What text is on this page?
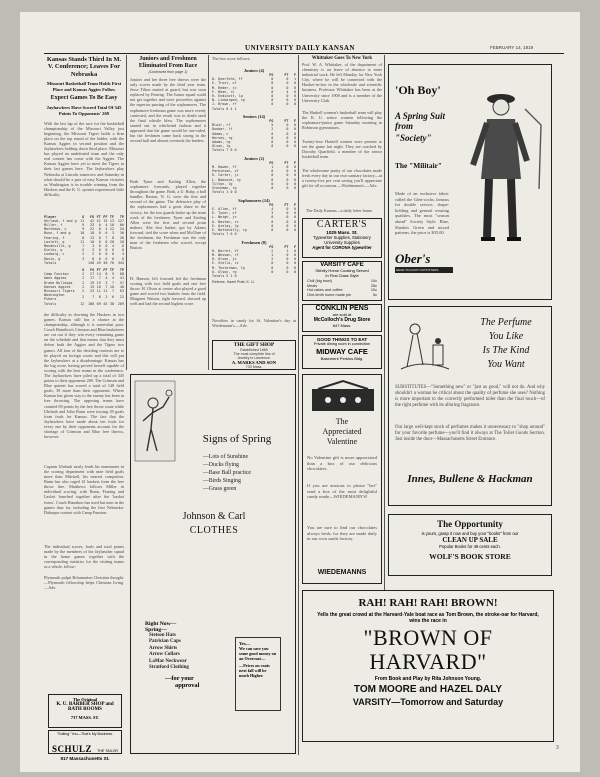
UNIVERSITY DAILY KANSAN	FEBRUARY 14, 1919
Kansas Stands Third In M. V. Conference; Leaves For Nebraska
Missouri Basketball Team Holds First Place and Kansas Aggies Follow
Expect Games To Be Easy
Jayhawkers Have Scored Total Of 345 Points To Opponents' 269
With the last lap of the race for the basketball championship of the Missouri Valley just beginning, the Missouri Tigers holds a firm place on the top round of the ladder, with the Kansas Aggies in second position and the Jayhawkers holding down third place. Missouri has played an undefeated team and the only real contest has come with the Aggies. The Kansas Aggies have yet to meet the Tigers in their last games here. The Jayhawkers play Nebraska at Lincoln tomorrow and Saturday in what should be a pair of easy Kansas victories as Washington is in trouble winning from the Huskers and the K. U. quintet experienced little difficulty.
Player	G	FG	FT	FF	TF	TP
Uhrlaub, f and g	11	42	41	15	13	127
Miller, f	9	33	0	4	10	66
Matthews, c	9	22	8	4	12	54
Bunn, f and g	10	18	0	0	3	36
Fearing, f	8	13	0	7	8	26
Laslett, g	11	10	0	0	20	20
Mandeville, g	7	3	0	0	4	6
Kinley, g	5	3	0	0	0	6
Lonborg, c	2	2	0	0	0	4
Davis, g	3	0	0	0	0	0
Totals		148	49	30	76	345
	G	FG	FT	FF	TF	TP
Camp Funston	2	27	14	8	9	68
Ames Aggies	2	17	7	4	4	41
Drake Bulldogs	2	19	19	3	7	57
Kansas Aggies	2	15	10	7	10	40
Missouri Tigers	2	23	11	11	7	63
Washington Pikers	2	7	8	2	6	22
Totals	12	108	69	45	38	269
the difficulty in downing the Huskers in two games. Kansas still has a chance at the championship, although it is somewhat poor. Coach Hamilton's Crimson and Blue basketeers are cut out if they win every remaining game on the schedule and that means that they must defeat both the Aggies and the Tigers two games. All four of the deciding contests are to be played on foreign courts and this will put the Jayhawkers at a disadvantage. Kansas has the big score, having proved herself capable of scoring with the best teams in the conference. The Jayhawkers have piled up a total of 345 points to their opponents 269. The Crimson and Blue quintet has scored a total of 148 field goals, 39 more than their opponents. Where Kansas has given way to the enemy has been in free throwing. The opposing teams have counted 69 points by the free throw route while Uhrlaub and John Bunn were tossing 49 goals from fouls for Kansas. The fact that the Jayhawkers have made about ten fouls for every one by their opponents account for the shortage of Crimson and Blue free throws, however.
Captain Uhrlaub easily leads his teammates in the scoring department with nine field goals more than Mitchell, his nearest competitor. Bunn has also caged 41 baskets from the free throw line. Matthews follows Miller in individual scoring, with Bunn, Fearing and Laslett bunched together after the 'basket twins'. Coach Hamilton has used but men in the games thus far, including the first Nebraska-Dubuque contest with Camp Funston.
The individual scores, fouls and total points made by the members of the Jayhawker squad in the home games together with the corresponding statistics for the visiting teams as a whole, follow:
Plymouth pulpit Brhumation Christian thought.—Plymouth fellowship helps Christian living.—Adv.
The Original
K. U. BARBER SHOP and
BATH ROOMS
737 MASS. ST.
"Suiting" You—That's My Business.
SCHULZ THE TAILOR
917 Massachusetts St.
Juniors and Freshmen Eliminated From Race
(Continued from page 1)
Juniors and her three free throws were the only scores made by the third year team. Jesse Tilton started at guard, but was soon replaced by Fearing. The Junior squad could not get together and were powerless against the superior passing of the sophomores. The sophomore-freshman game was more evenly contested, and the result was in doubt until the final whistle blew. The sophomores started out in whirlwind fashion and it appeared that the game would be one-sided, but the freshmen came back strong in the second half and almost overtook the leaders.
Both Tyner and Easling Allen, the sophomore forwards, played together throughout the game. Both, a U. Ruby, a ball handler, Baston, N. G. were the first and second of the game. The defensive play of the sophomores had a great share in the victory, for the two guards broke up the team work of the freshmen. Tyner and Easling Allen were the first and second point makers. Abe first basket, got by Adams forward, tied the score when and McGhee of the freshman, the Freshman was the only man of the freshmen who scored, except Baston.
H. Hansen, left forward led the freshman scoring with two field goals and one free throw. H. Olson at center also played a good game and scored two baskets from the field. Margaret Watson, right forward, showed up well and had the second highest score.
The box score follows:
Juniors (4)
	FG	FT	F
D. Querfeld, ff	0	0	1
E. Trust, cf	0	0	0
M. Reder, jc	0	0	0
F. Bean, rc	0	4	0
R. Endicott, lg	0	0	0
N. Linbarged, rg	0	0	0
J. Brown, rf	0	0	0
Totals 0 4 1
Seniors (14)
	FG	FT	F
Blair, rf	5	0	0
Dunbar, lf	2	0	0
Adams, c	0	0	0
Hersey, rg	0	0	0
Adams, rg	0	0	0
Olson, lg	0	0	0
Totals 7 0 0
Juniors (2)
	FG	FT	F
M. Rowen, ff	1	0	0
Parkinson, cf	0	0	0
R. Carter, jc	0	0	0
L. Babcock, rg	0	0	0
Tilton, lg	0	0	0
Stockman, rg	0	0	0
Totals 1 0 0
Sophomores (14)
	FG	FT	F
E. Allen, ff	4	0	0
E. Tyner, cf	3	0	0
L. Neigh, jc	0	0	0
A. Baston, rc	0	0	0
E. Ozelay, lg	0	0	0
E. Battenstly, rg	0	0	0
Totals 7 0 0
Freshmen (8)
	FG	FT	F
H. Barret, ff	2	1	0
M. Wesson, rf	1	0	0
H. Olson, jc	2	0	0
E. Stello, rc	0	0	0
M. Textorman, lg	0	0	0
O. Olson, rg	0	0	0
Totals 5 1 0
Referee, Hazel Pratt, K. U.
Novelties in candy for St. Valentine's day at Wiedemann's.—Adv.
THE GIFT SHOP
Established 1865
The most complete line of
Jewelry in Lawrence.
A. MARKS AND SON
733 Mass.
Signs of Spring
—Lots of Sunshine
—Ducks flying
—Base Ball practice
—Birds Singing
—Grass green
Johnson & Carl
CLOTHES
Right Now—
Spring—
Stetson Hats
Patrician Caps
Arrow Shirts
Arrow Collars
LaMar Neckwear
Stratford Clothing
—for your
approval
Yes—
We can save you some good money on an Overcoat—
—Prices on coats next fall will be much Higher.
Whittaker Goes To New York
Prof. W. A. Whittaker, of the department of chemistry is on leave of absence to enter industrial work. He left Monday for New York City, where he will be connected with the Hooker-in-law in the wholesale and scientific business. Professor Whittaker has been at the University since 1908 and is a member of the University Club.
The Haskell women's basketball team will play the K. U. senior women following the sophomore-junior game Saturday morning in Robinson gymnasium.
Twenty-four Haskell women were present to see the game last night. They are coached by Dorothy Quarfield, a member of the senior basketball team.
The wholesome purity of our chocolates made fresh every day in our own sanitary factory—at a twenty-five per cent saving you'll appreciate gift for all occasions.—Wiedemann's.—Adv.
The Daily Kansan—a daily letter home.
CARTER'S
1025 Mass. St.
Typewriter Supplies, Stationery
University Supplies
Agent for CORONA typewriter
VARSITY CAFE
Strictly Home Cooking Served
In First Class Style
Chili (big bowl)	10c
Meals	25c
Hot cakes and coffee	10c
One-tenth home made pie	5c
CONKLIN PENS
are sold at
McColloch's Drug Store
847 Mass.
GOOD THINGS TO EAT
Private dining room in connection
MIDWAY CAFE
Basement Perkins Bldg.
The
Appreciated
Valentine
No Valentine gift is more appreciated than a box of our delicious chocolates.
If you are anxious to please "her" send a box of the most delightful candy made—WIEDEMANN'S!
You are sure to find our chocolates always fresh; for they are made daily in our own sunlit factory.
WIEDEMANNS
'Oh Boy'
A Spring Suit from
"Society"
The "Militair"
Made of an exclusive fabric called the Glen-cochs, famous for double service, shape-holding and general wearing qualities. The most "season ahead" Society Style. Blue, Shadow Green and mixed patterns, the price is $35.00.
Ober's
HEAD-TO-FOOT OUTFITTERS
The Perfume
You Like
Is The Kind
You Want
SUBSTITUTES—"Something new" or "just as good," will not do. And why shouldn't a woman be critical about the quality of perfume she uses? Nothing is more important to the correctly performed toilet than the final touch—of the right perfume with its alluring fragrance.
Our large well-kept stock of perfumes makes it unnecessary to "shop around" for your favorite perfume—you'll find it always at The Toilet Goods Section. Just inside the door—Massachusetts Street Entrance.
Innes, Bullene & Hackman
The Opportunity
is yours, grasp it now and buy your "books" from our
CLEAN UP SALE
Popular Books for 49 cents each.
WOLF'S BOOK STORE
RAH! RAH! RAH! BROWN!
Yells the great crowd at the Harvard-Yale boat race as Tom Brown, the stroke-oar for Harvard, wins the race in
"BROWN OF
HARVARD"
From Book and Play by Rita Johnson Young.
TOM MOORE and HAZEL DALY
VARSITY—Tomorrow and Saturday
3
